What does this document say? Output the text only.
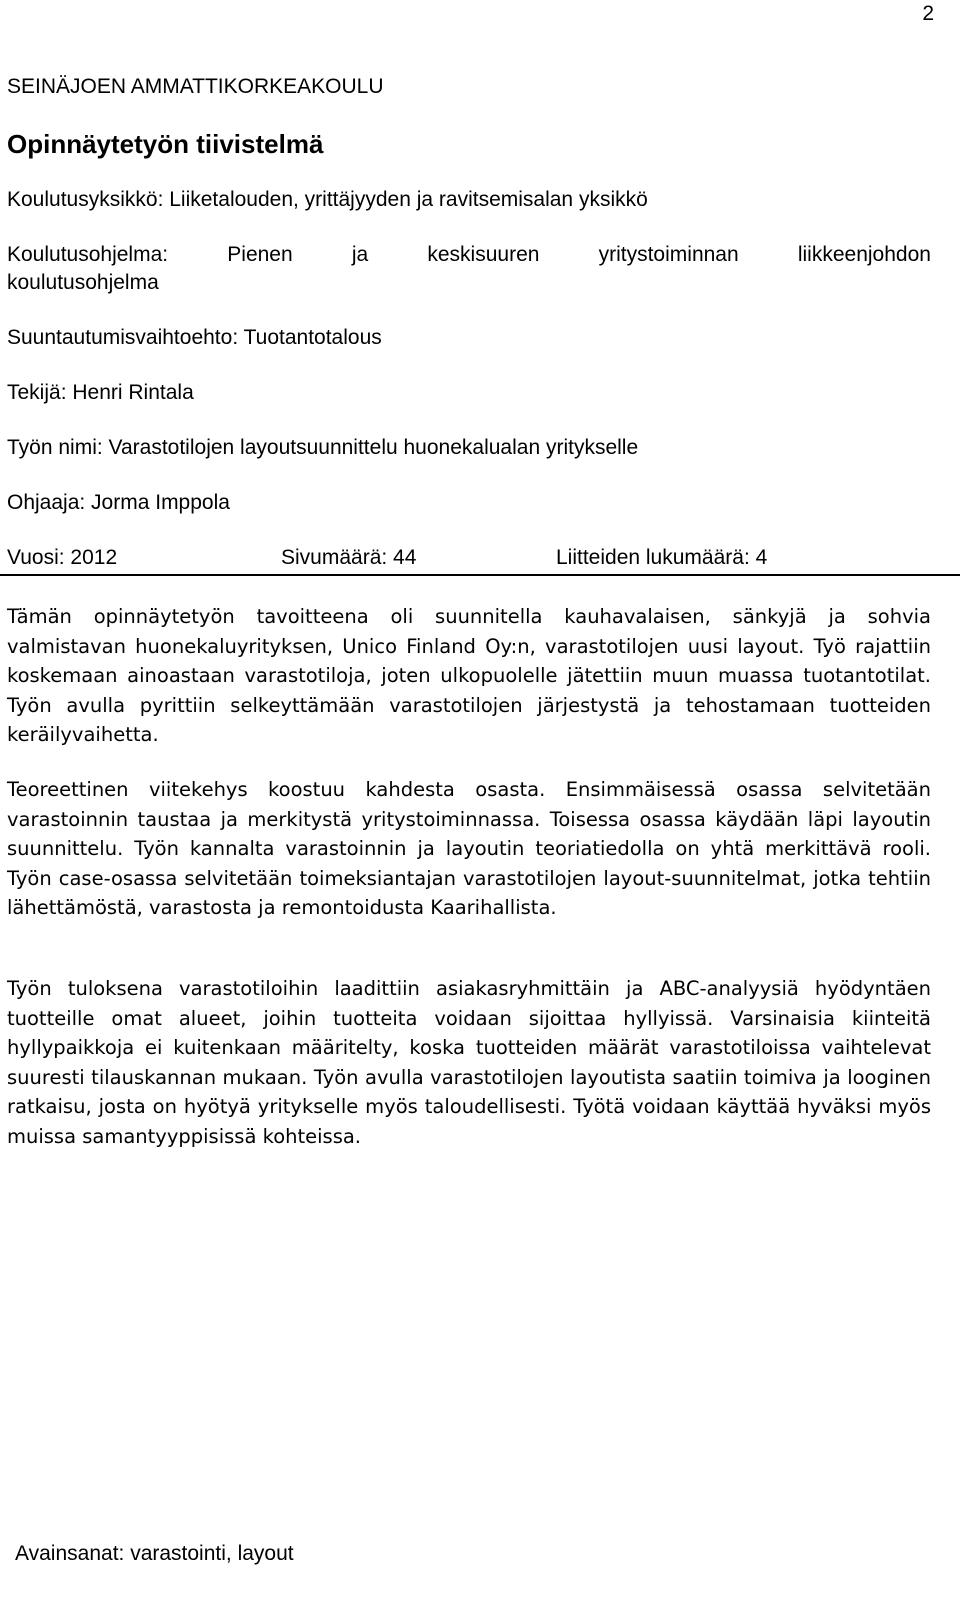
2
SEINÄJOEN AMMATTIKORKEAKOULU
Opinnäytetyön tiivistelmä
Koulutusyksikkö: Liiketalouden, yrittäjyyden ja ravitsemisalan yksikkö
Koulutusohjelma:	Pienen	ja	keskisuuren	yritystoiminnan	liikkeenjohdon
koulutusohjelma
Suuntautumisvaihtoehto: Tuotantotalous
Tekijä: Henri Rintala
Työn nimi: Varastotilojen layoutsuunnittelu huonekalualan yritykselle
Ohjaaja: Jorma Imppola
Vuosi: 2012	Sivumäärä: 44	Liitteiden lukumäärä: 4

Tämän opinnäytetyön tavoitteena oli suunnitella kauhavalaisen, sänkyjä ja sohvia valmistavan huonekaluyrityksen, Unico Finland Oy:n, varastotilojen uusi layout. Työ rajattiin koskemaan ainoastaan varastotiloja, joten ulkopuolelle jätettiin muun muassa tuotantotilat. Työn avulla pyrittiin selkeyttämään varastotilojen järjestystä ja tehostamaan tuotteiden keräilyvaihetta.

Teoreettinen viitekehys koostuu kahdesta osasta. Ensimmäisessä osassa selvitetään varastoinnin taustaa ja merkitystä yritystoiminnassa. Toisessa osassa käydään läpi layoutin suunnittelu. Työn kannalta varastoinnin ja layoutin teoriatiedolla on yhtä merkittävä rooli. Työn case-osassa selvitetään toimeksiantajan varastotilojen layout-suunnitelmat, jotka tehtiin lähettämöstä, varastosta ja remontoidusta Kaarihallista.

Työn tuloksena varastotiloihin laadittiin asiakasryhmittäin ja ABC-analyysiä hyödyntäen tuotteille omat alueet, joihin tuotteita voidaan sijoittaa hyllyissä. Varsinaisia kiinteitä hyllypaikkoja ei kuitenkaan määritelty, koska tuotteiden määrät varastotiloissa vaihtelevat suuresti tilauskannan mukaan. Työn avulla varastotilojen layoutista saatiin toimiva ja looginen ratkaisu, josta on hyötyä yritykselle myös taloudellisesti. Työtä voidaan käyttää hyväksi myös muissa samantyyppisissä kohteissa.

Avainsanat: varastointi, layout
